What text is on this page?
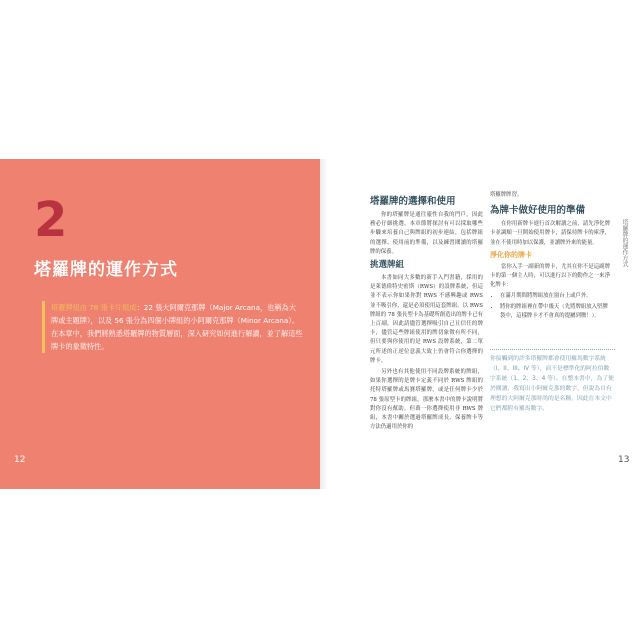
2
塔羅牌的運作方式
塔羅牌組由 78 張卡片組成：22 張大阿爾克那牌（Major Arcana，也稱為大牌或主題牌），以及 56 張分為四個小牌組的小阿爾克那牌（Minor Arcana）。在本章中，我們將熟悉塔羅牌的物質層面，深入研究如何進行解讀，並了解這些牌卡的象徵特性。
12
塔羅牌的選擇和使用

你的塔羅牌是通往靈性自我的門戶，因此務必仔細挑選。本章節將探討有可以採取哪些步驟來培養自己與牌組的初步連結，包括牌組的選擇、使用前的準備，以及練習閱讀的塔羅牌的保養。

挑選牌組

本書如同大多數的新手入門書籍，採用的是萊德偉特史密斯（RWS）的設牌系統，但這並不表示你如果你對 RWS 不感興趣或 RWS 並不吸引你，還是必須使用這套牌組。以 RWS 牌組的 78 張長型卡為基礎所創造出的牌卡已有上百副，因此請儘管選擇吸引自己且信任的牌卡，儘管這些牌組使用的牌切象徵有所不同，但只要與你使用的是 RWS 設牌系統，第二單元所述的正逆位意義大致上仍會符合你選擇的牌卡。

另外也有其他使用不同設牌系統的牌組，如果你選擇的是牌卡定義不同於 RWS 牌組的托特塔羅牌或馬賽塔羅牌，或是任何牌卡少於 78 張原型卡的牌組，那麼本書中的牌卡說明將對你沒有幫助。但萬一你選擇使用非 RWS 牌組，本書中關於選過塔羅牌成長、保養牌卡等方法仍適用於你的

塔羅牌牌習。

為牌卡做好使用的準備

在你用新牌卡進行首次解讀之前，請先淨化牌卡並調順一旦開始使用牌卡，請保持牌卡的庫淨，並在不使用時加以保護，並讀牌外來的能量。

淨化你的牌卡

當你入手一副新的牌卡，尤其在你不是這副牌卡的第一個主人時，可以進行以下的動作之一來淨化牌卡：

• 在滿月期間將牌組放在窗台上或戶外。
• 將你的牌組裡在帶中幾天（先將牌組放入堅膠袋中，這樣牌卡才不會真的提屬到鹽！）。
你接觸到的許多塔羅牌都會使用羅馬數字系統（I、II、III、IV 等），而不是標準化的阿拉伯數字系統（1、2、3、4 等）。在整本書中，為了便於閱讀，我寫出小阿爾克那的數字，但說為自有理想的大阿爾克那時尚的是名稱，因此在本文中它們都附有羅馬數字。
塔羅牌的運作方式
13
